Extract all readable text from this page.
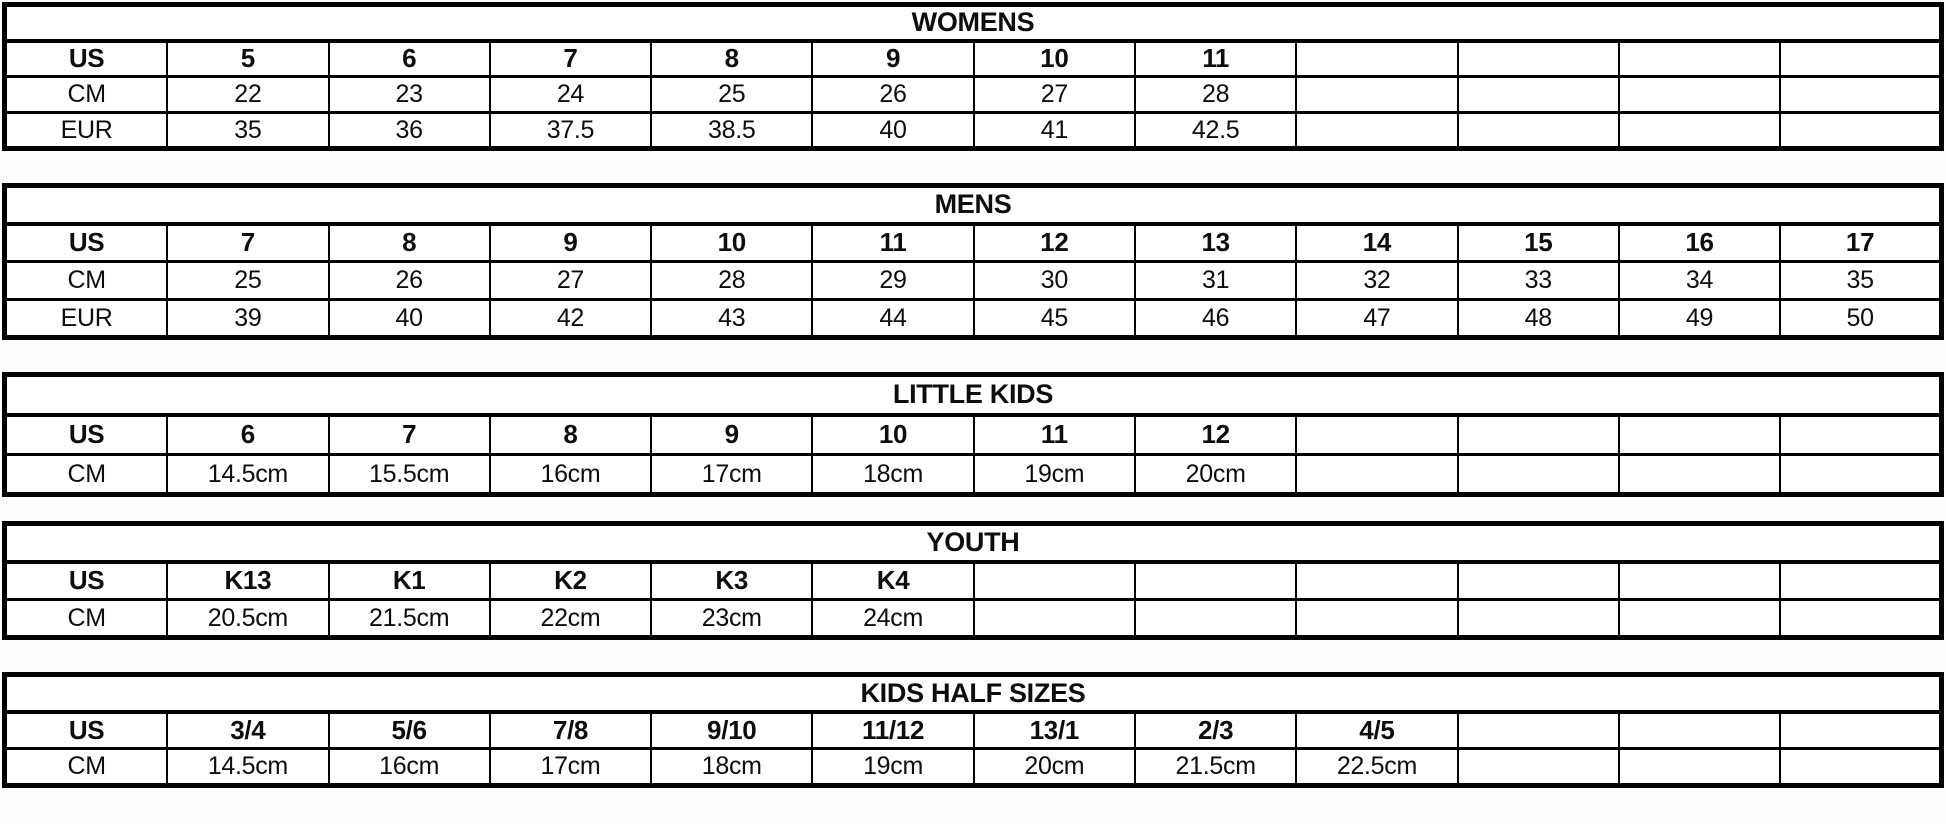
WOMENS											
US	5	6	7	8	9	10	11				
CM	22	23	24	25	26	27	28				
EUR	35	36	37.5	38.5	40	41	42.5				
MENS											
US	7	8	9	10	11	12	13	14	15	16	17
CM	25	26	27	28	29	30	31	32	33	34	35
EUR	39	40	42	43	44	45	46	47	48	49	50
LITTLE KIDS											
US	6	7	8	9	10	11	12				
CM	14.5cm	15.5cm	16cm	17cm	18cm	19cm	20cm				
YOUTH											
US	K13	K1	K2	K3	K4						
CM	20.5cm	21.5cm	22cm	23cm	24cm						
KIDS HALF SIZES											
US	3/4	5/6	7/8	9/10	11/12	13/1	2/3	4/5			
CM	14.5cm	16cm	17cm	18cm	19cm	20cm	21.5cm	22.5cm			
